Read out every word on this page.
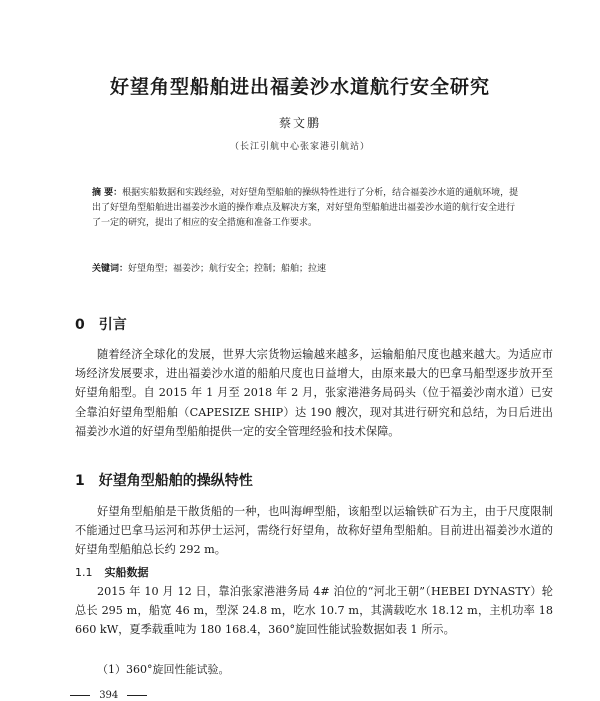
好望角型船舶进出福姜沙水道航行安全研究
蔡文鹏
（长江引航中心张家港引航站）

摘 要：根据实船数据和实践经验，对好望角型船舶的操纵特性进行了分析，结合福姜沙水道的通航环境，提出了好望角型船舶进出福姜沙水道的操作难点及解决方案，对好望角型船舶进出福姜沙水道的航行安全进行了一定的研究，提出了相应的安全措施和准备工作要求。

关键词：好望角型；福姜沙；航行安全；控制；船舶；拉速
0 引言

随着经济全球化的发展，世界大宗货物运输越来越多，运输船舶尺度也越来越大。为适应市场经济发展要求，进出福姜沙水道的船舶尺度也日益增大，由原来最大的巴拿马船型逐步放开至好望角船型。自 2015 年 1 月至 2018 年 2 月，张家港港务局码头（位于福姜沙南水道）已安全靠泊好望角型船舶（CAPESIZE SHIP）达 190 艘次，现对其进行研究和总结，为日后进出福姜沙水道的好望角型船舶提供一定的安全管理经验和技术保障。

1 好望角型船舶的操纵特性

好望角型船舶是干散货船的一种，也叫海岬型船，该船型以运输铁矿石为主，由于尺度限制不能通过巴拿马运河和苏伊士运河，需绕行好望角，故称好望角型船舶。目前进出福姜沙水道的好望角型船舶总长约 292 m。

1.1 实船数据

2015 年 10 月 12 日，靠泊张家港港务局 4# 泊位的“河北王朝”（HEBEI DYNASTY）轮总长 295 m，船宽 46 m，型深 24.8 m，吃水 10.7 m，其满载吃水 18.12 m，主机功率 18 660 kW，夏季载重吨为 180 168.4，360°旋回性能试验数据如表 1 所示。

（1）360°旋回性能试验。

394
